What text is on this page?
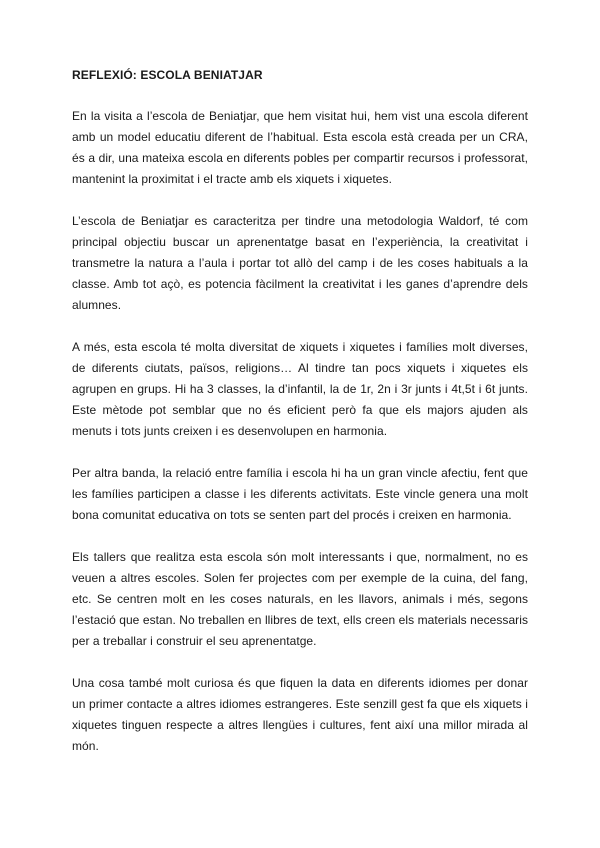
REFLEXIÓ: ESCOLA BENIATJAR

En la visita a l’escola de Beniatjar, que hem visitat hui, hem vist una escola diferent amb un model educatiu diferent de l’habitual. Esta escola està creada per un CRA, és a dir, una mateixa escola en diferents pobles per compartir recursos i professorat, mantenint la proximitat i el tracte amb els xiquets i xiquetes.

L’escola de Beniatjar es caracteritza per tindre una metodologia Waldorf, té com principal objectiu buscar un aprenentatge basat en l’experiència, la creativitat i transmetre la natura a l’aula i portar tot allò del camp i de les coses habituals a la classe. Amb tot açò, es potencia fàcilment la creativitat i les ganes d’aprendre dels alumnes.

A més, esta escola té molta diversitat de xiquets i xiquetes i famílies molt diverses, de diferents ciutats, països, religions… Al tindre tan pocs xiquets i xiquetes els agrupen en grups. Hi ha 3 classes, la d’infantil, la de 1r, 2n i 3r junts i 4t,5t i 6t junts. Este mètode pot semblar que no és eficient però fa que els majors ajuden als menuts i tots junts creixen i es desenvolupen en harmonia.

Per altra banda, la relació entre família i escola hi ha un gran vincle afectiu, fent que les famílies participen a classe i les diferents activitats. Este vincle genera una molt bona comunitat educativa on tots se senten part del procés i creixen en harmonia.

Els tallers que realitza esta escola són molt interessants i que, normalment, no es veuen a altres escoles. Solen fer projectes com per exemple de la cuina, del fang, etc. Se centren molt en les coses naturals, en les llavors, animals i més, segons l’estació que estan. No treballen en llibres de text, ells creen els materials necessaris per a treballar i construir el seu aprenentatge.

Una cosa també molt curiosa és que fiquen la data en diferents idiomes per donar un primer contacte a altres idiomes estrangeres. Este senzill gest fa que els xiquets i xiquetes tinguen respecte a altres llengües i cultures, fent així una millor mirada al món.
